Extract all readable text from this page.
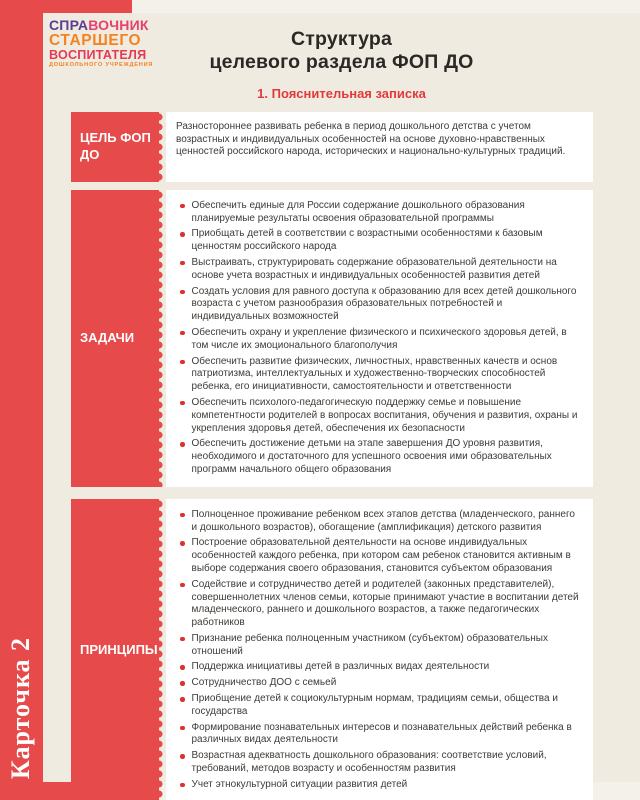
Карточка 2
СПРАВОЧНИК
СТАРШЕГО
ВОСПИТАТЕЛЯ
ДОШКОЛЬНОГО УЧРЕЖДЕНИЯ
Структура
целевого раздела ФОП ДО
1. Пояснительная записка
ЦЕЛЬ ФОП ДО
Разностороннее развивать ребенка в период дошкольного детства с учетом возрастных и индивидуальных особенностей на основе духовно-нравственных ценностей российского народа, исторических и национально-культурных традиций.
ЗАДАЧИ
Обеспечить единые для России содержание дошкольного образования планируемые результаты освоения образовательной программы
Приобщать детей в соответствии с возрастными особенностями к базовым ценностям российского народа
Выстраивать, структурировать содержание образовательной деятельности на основе учета возрастных и индивидуальных особенностей развития детей
Создать условия для равного доступа к образованию для всех детей дошкольного возраста с учетом разнообразия образовательных потребностей и индивидуальных возможностей
Обеспечить охрану и укрепление физического и психического здоровья детей, в том числе их эмоционального благополучия
Обеспечить развитие физических, личностных, нравственных качеств и основ патриотизма, интеллектуальных и художественно-творческих способностей ребенка, его инициативности, самостоятельности и ответственности
Обеспечить психолого-педагогическую поддержку семье и повышение компетентности родителей в вопросах воспитания, обучения и развития, охраны и укрепления здоровья детей, обеспечения их безопасности
Обеспечить достижение детьми на этапе завершения ДО уровня развития, необходимого и достаточного для успешного освоения ими образовательных программ начального общего образования
ПРИНЦИПЫ
Полноценное проживание ребенком всех этапов детства (младенческого, раннего и дошкольного возрастов), обогащение (амплификация) детского развития
Построение образовательной деятельности на основе индивидуальных особенностей каждого ребенка, при котором сам ребенок становится активным в выборе содержания своего образования, становится субъектом образования
Содействие и сотрудничество детей и родителей (законных представителей), совершеннолетних членов семьи, которые принимают участие в воспитании детей младенческого, раннего и дошкольного возрастов, а также педагогических работников
Признание ребенка полноценным участником (субъектом) образовательных отношений
Поддержка инициативы детей в различных видах деятельности
Сотрудничество ДОО с семьей
Приобщение детей к социокультурным нормам, традициям семьи, общества и государства
Формирование познавательных интересов и познавательных действий ребенка в различных видах деятельности
Возрастная адекватность дошкольного образования: соответствие условий, требований, методов возрасту и особенностям развития
Учет этнокультурной ситуации развития детей
